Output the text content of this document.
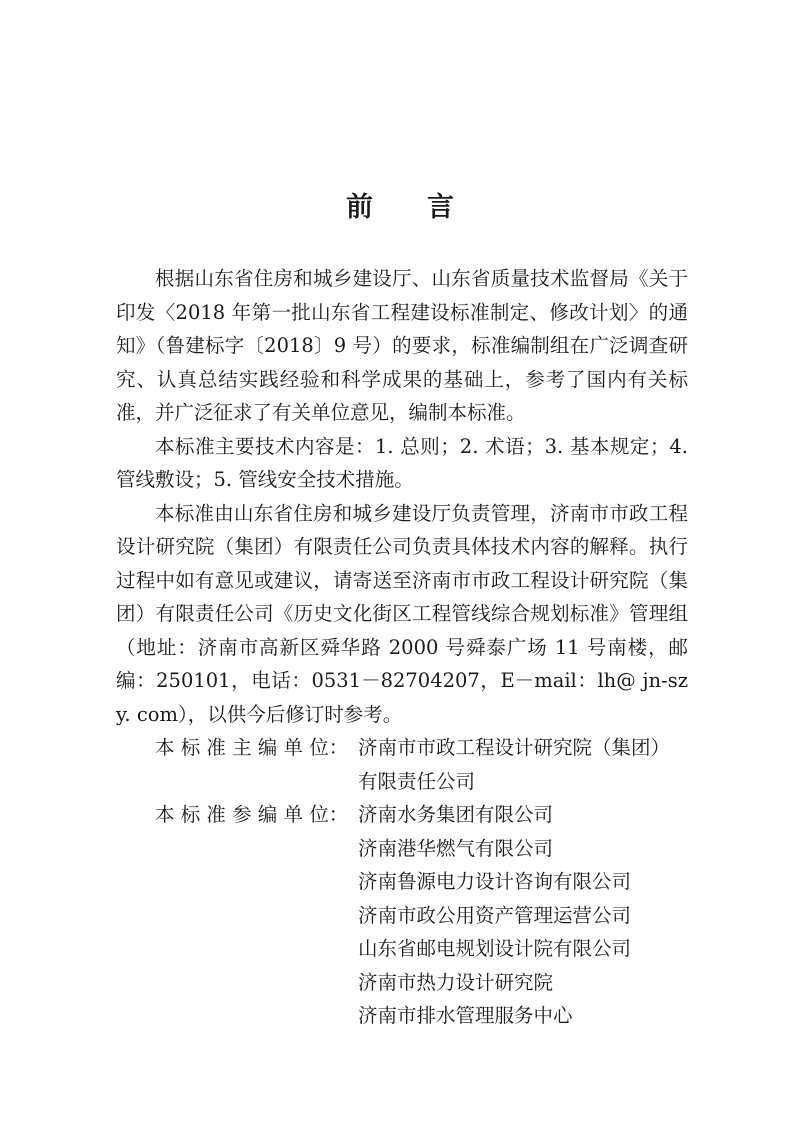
前言

根据山东省住房和城乡建设厅、山东省质量技术监督局《关于印发〈2018 年第一批山东省工程建设标准制定、修改计划〉的通知》（鲁建标字〔2018〕9 号）的要求，标准编制组在广泛调查研究、认真总结实践经验和科学成果的基础上，参考了国内有关标准，并广泛征求了有关单位意见，编制本标准。

本标准主要技术内容是：1. 总则；2. 术语；3. 基本规定；4. 管线敷设；5. 管线安全技术措施。

本标准由山东省住房和城乡建设厅负责管理，济南市市政工程设计研究院（集团）有限责任公司负责具体技术内容的解释。执行过程中如有意见或建议，请寄送至济南市市政工程设计研究院（集团）有限责任公司《历史文化街区工程管线综合规划标准》管理组（地址：济南市高新区舜华路 2000 号舜泰广场 11 号南楼，邮编：250101，电话：0531－82704207，E－mail：lh@ jn-szy. com），以供今后修订时参考。

本 标 准 主 编 单 位： 济南市市政工程设计研究院（集团）
有限责任公司
本 标 准 参 编 单 位： 济南水务集团有限公司
济南港华燃气有限公司
济南鲁源电力设计咨询有限公司
济南市政公用资产管理运营公司
山东省邮电规划设计院有限公司
济南市热力设计研究院
济南市排水管理服务中心
